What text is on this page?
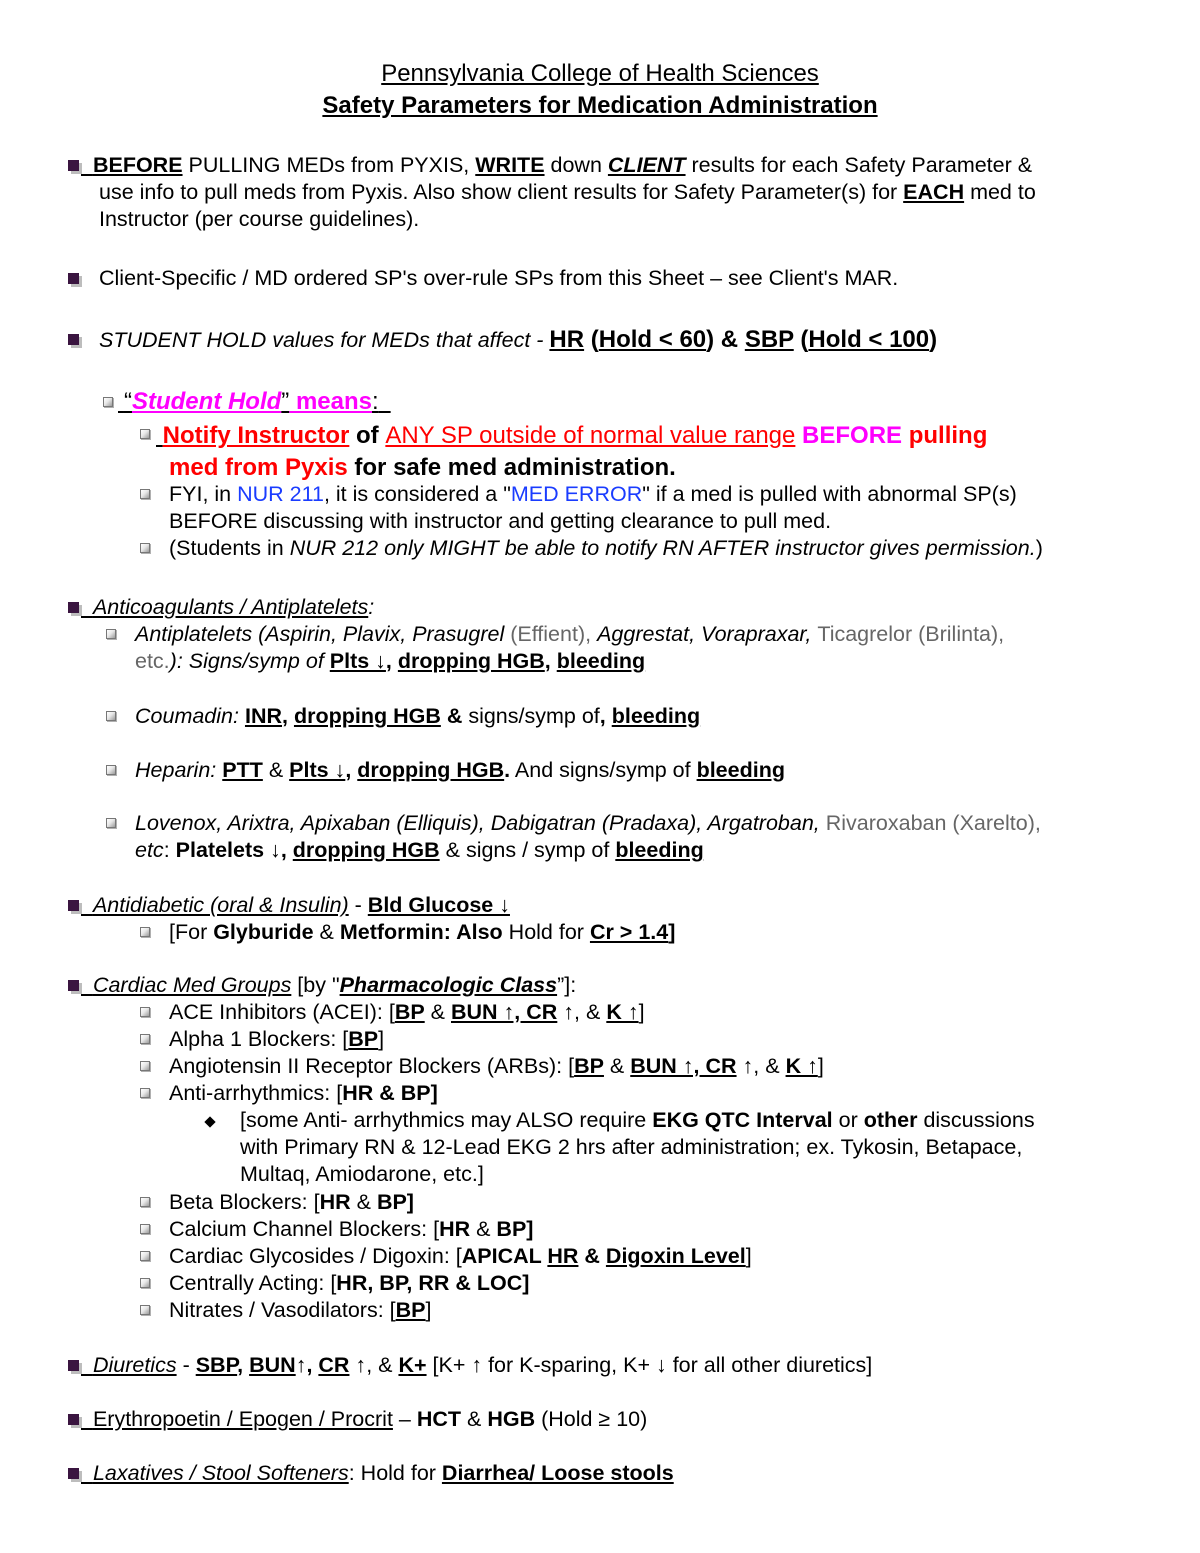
Pennsylvania College of Health Sciences
Safety Parameters for Medication Administration
BEFORE PULLING MEDs from PYXIS, WRITE down CLIENT results for each Safety Parameter &
use info to pull meds from Pyxis. Also show client results for Safety Parameter(s) for EACH med to
Instructor (per course guidelines).
Client-Specific / MD ordered SP's over-rule SPs from this Sheet – see Client's MAR.
STUDENT HOLD values for MEDs that affect - HR (Hold < 60) & SBP (Hold < 100)
“Student Hold” means:
Notify Instructor of ANY SP outside of normal value range BEFORE pulling
med from Pyxis for safe med administration.
FYI, in NUR 211, it is considered a "MED ERROR" if a med is pulled with abnormal SP(s)
BEFORE discussing with instructor and getting clearance to pull med.
(Students in NUR 212 only MIGHT be able to notify RN AFTER instructor gives permission.)
Anticoagulants / Antiplatelets:
Antiplatelets (Aspirin, Plavix, Prasugrel (Effient), Aggrestat, Vorapraxar, Ticagrelor (Brilinta),
etc.): Signs/symp of Plts ↓, dropping HGB, bleeding
Coumadin: INR, dropping HGB & signs/symp of, bleeding
Heparin: PTT & Plts ↓, dropping HGB. And signs/symp of bleeding
Lovenox, Arixtra, Apixaban (Elliquis), Dabigatran (Pradaxa), Argatroban, Rivaroxaban (Xarelto),
etc: Platelets ↓, dropping HGB & signs / symp of bleeding
Antidiabetic (oral & Insulin) - Bld Glucose ↓
[For Glyburide & Metformin: Also Hold for Cr > 1.4]
Cardiac Med Groups [by "Pharmacologic Class”]:
ACE Inhibitors (ACEI): [BP & BUN ↑, CR ↑, & K ↑]
Alpha 1 Blockers: [BP]
Angiotensin II Receptor Blockers (ARBs): [BP & BUN ↑, CR ↑, & K ↑]
Anti-arrhythmics: [HR & BP]
[some Anti- arrhythmics may ALSO require EKG QTC Interval or other discussions
with Primary RN & 12-Lead EKG 2 hrs after administration; ex. Tykosin, Betapace,
Multaq, Amiodarone, etc.]
Beta Blockers: [HR & BP]
Calcium Channel Blockers: [HR & BP]
Cardiac Glycosides / Digoxin: [APICAL HR & Digoxin Level]
Centrally Acting: [HR, BP, RR & LOC]
Nitrates / Vasodilators: [BP]
Diuretics - SBP, BUN↑, CR ↑, & K+ [K+ ↑ for K-sparing, K+ ↓ for all other diuretics]
Erythropoetin / Epogen / Procrit – HCT & HGB (Hold ≥ 10)
Laxatives / Stool Softeners: Hold for Diarrhea/ Loose stools
